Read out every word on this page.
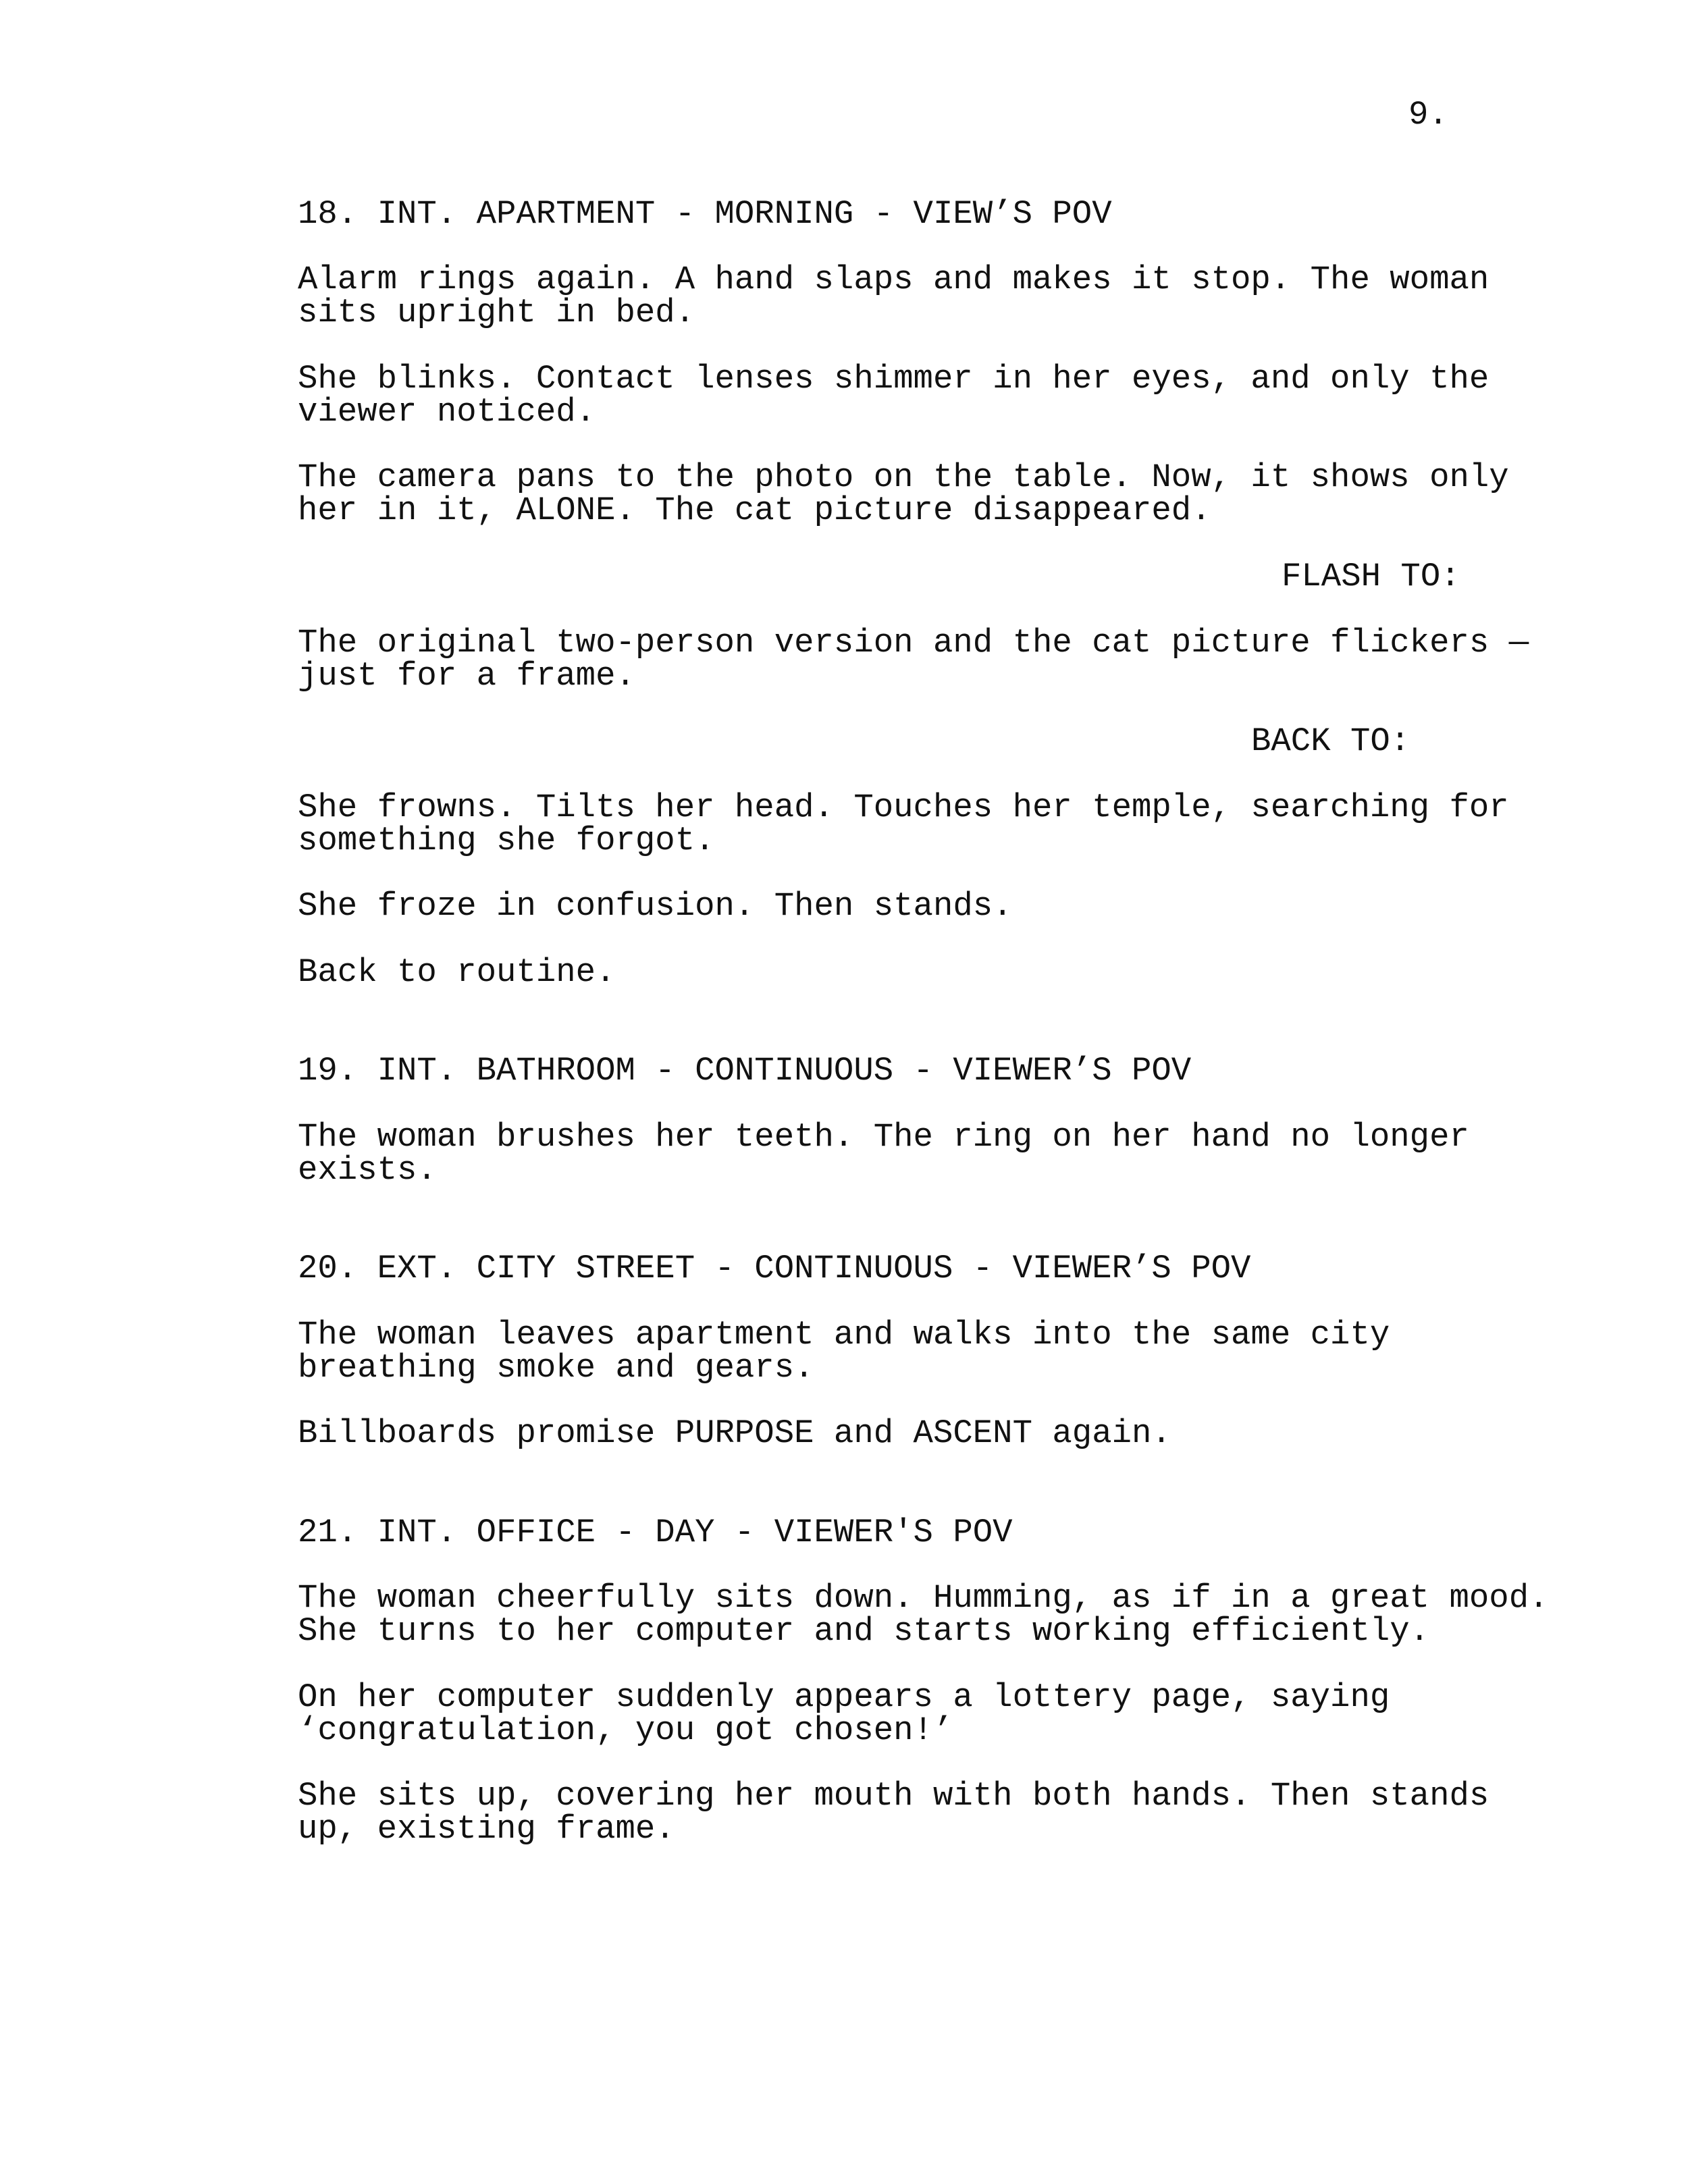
9.
18. INT. APARTMENT - MORNING - VIEW’S POV
Alarm rings again. A hand slaps and makes it stop. The woman
sits upright in bed.
She blinks. Contact lenses shimmer in her eyes, and only the
viewer noticed.
The camera pans to the photo on the table. Now, it shows only
her in it, ALONE. The cat picture disappeared.
FLASH TO:
The original two-person version and the cat picture flickers —
just for a frame.
BACK TO:
She frowns. Tilts her head. Touches her temple, searching for
something she forgot.
She froze in confusion. Then stands.
Back to routine.
19. INT. BATHROOM - CONTINUOUS - VIEWER’S POV
The woman brushes her teeth. The ring on her hand no longer
exists.
20. EXT. CITY STREET - CONTINUOUS - VIEWER’S POV
The woman leaves apartment and walks into the same city
breathing smoke and gears.
Billboards promise PURPOSE and ASCENT again.
21. INT. OFFICE - DAY - VIEWER'S POV
The woman cheerfully sits down. Humming, as if in a great mood.
She turns to her computer and starts working efficiently.
On her computer suddenly appears a lottery page, saying
‘congratulation, you got chosen!’
She sits up, covering her mouth with both hands. Then stands
up, existing frame.
